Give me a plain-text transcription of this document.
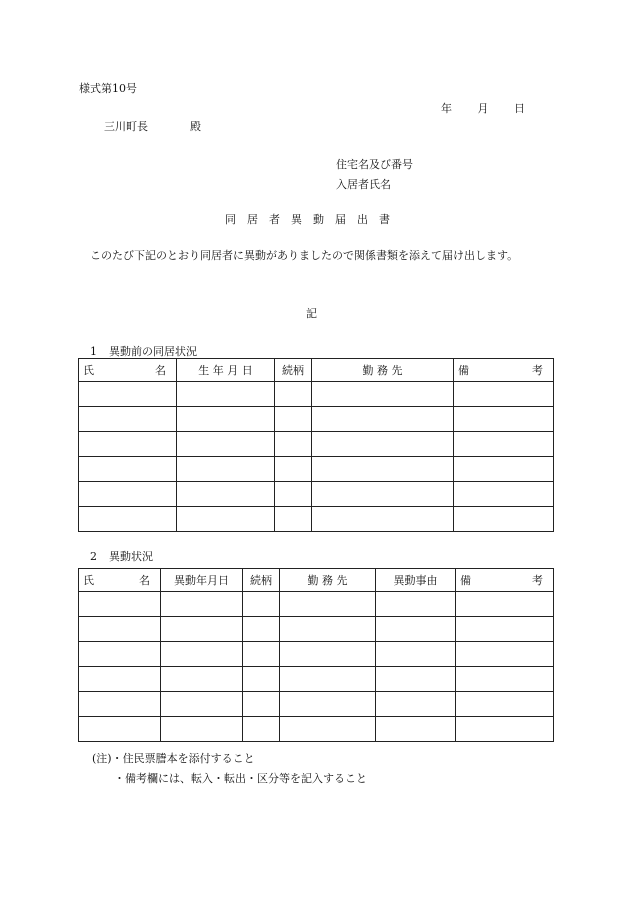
様式第10号
年 月 日
三川町長	殿
住宅名及び番号
入居者氏名
同居者異動届出書
このたび下記のとおり同居者に異動がありましたので関係書類を添えて届け出します。
記
1 異動前の同居状況
氏 名	生 年 月 日	続柄	勤 務 先	備 考

2 異動状況
氏 名	異動年月日	続柄	勤 務 先	異動事由	備 考

(注)・住民票謄本を添付すること
・備考欄には、転入・転出・区分等を記入すること
